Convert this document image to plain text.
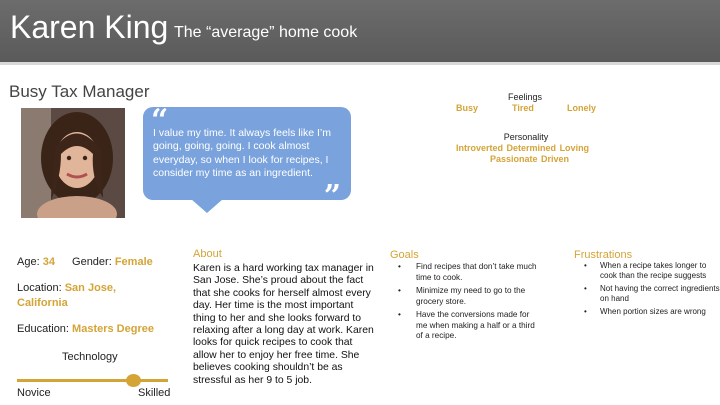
Karen King The “average” home cook
Busy Tax Manager
“
I value my time. It always feels like I’m going, going, going. I cook almost everyday, so when I look for recipes, I consider my time as an ingredient.
”
Feelings
Busy	Tired	Lonely
Personality
Introverted Determined Loving
Passionate Driven
Age: 34 Gender: Female
Location: San Jose, California
Education: Masters Degree
Technology
Novice	Skilled
About
Karen is a hard working tax manager in San Jose. She’s proud about the fact that she cooks for herself almost every day. Her time is the most important thing to her and she looks forward to relaxing after a long day at work. Karen looks for quick recipes to cook that allow her to enjoy her free time. She believes cooking shouldn’t be as stressful as her 9 to 5 job.
Goals
• Find recipes that don’t take much time to cook.
• Minimize my need to go to the grocery store.
• Have the conversions made for me when making a half or a third of a recipe.
Frustrations
• When a recipe takes longer to cook than the recipe suggests
• Not having the correct ingredients on hand
• When portion sizes are wrong
